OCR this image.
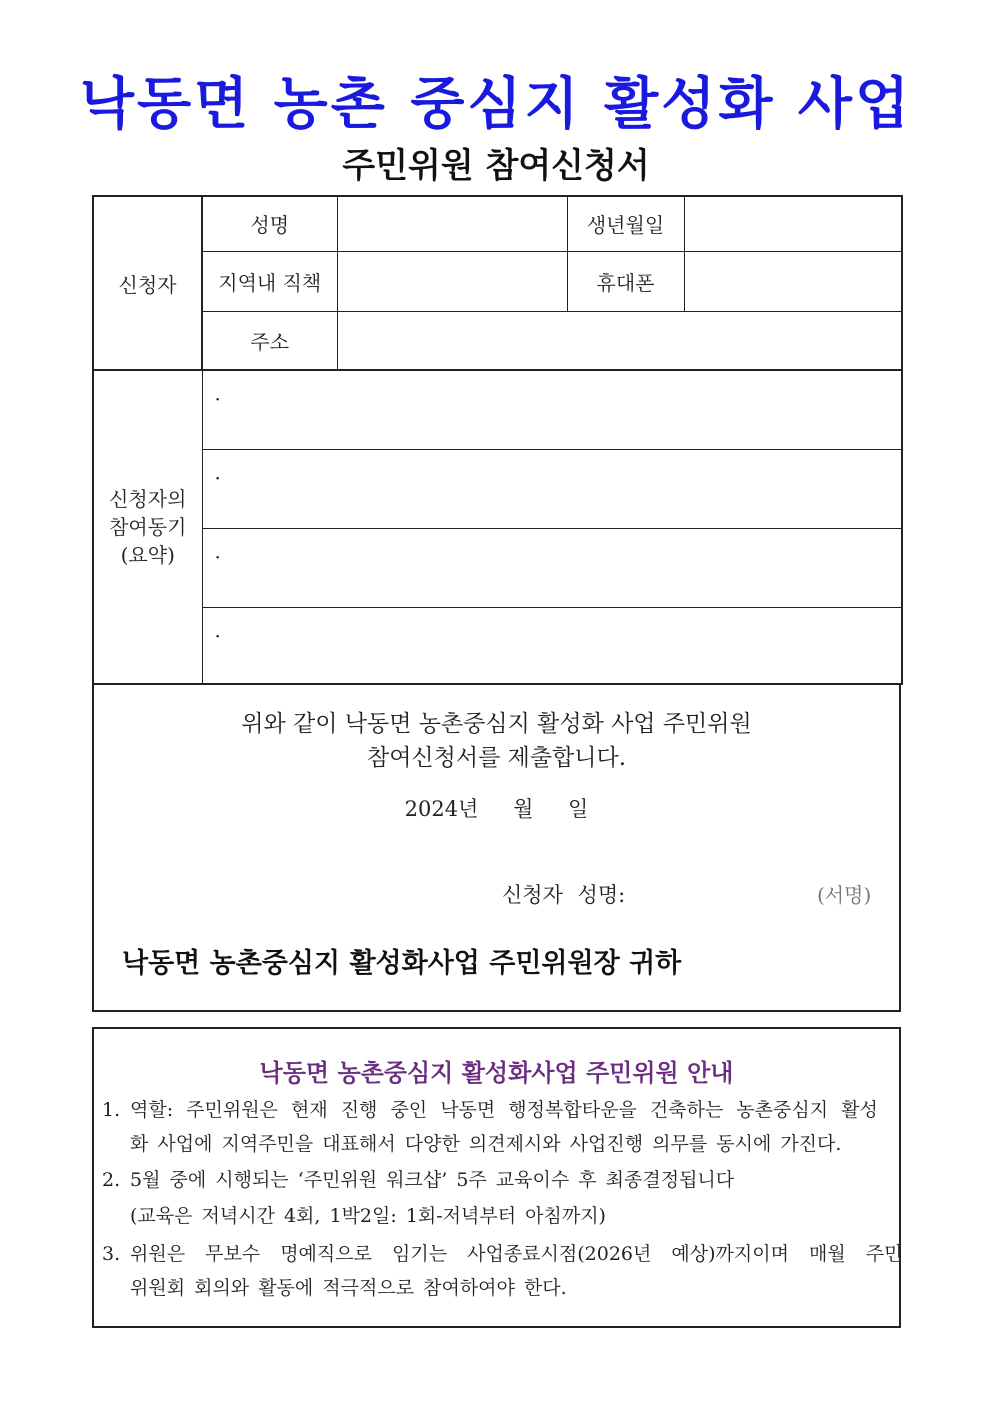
낙동면 농촌 중심지 활성화 사업
주민위원 참여신청서
신청자	성명		생년월일	
	지역내 직책		휴대폰	
	주소			

신청자의
참여동기
(요약)	·			
	·			
	·			
	·			
위와 같이 낙동면 농촌중심지 활성화 사업 주민위원
참여신청서를 제출합니다.
2024년 월 일
신청자 성명:	(서명)
낙동면 농촌중심지 활성화사업 주민위원장 귀하
낙동면 농촌중심지 활성화사업 주민위원 안내
1. 역할: 주민위원은 현재 진행 중인 낙동면 행정복합타운을 건축하는 농촌중심지 활성
화 사업에 지역주민을 대표해서 다양한 의견제시와 사업진행 의무를 동시에 가진다.
2. 5월 중에 시행되는 ‘주민위원 워크샵’ 5주 교육이수 후 최종결정됩니다
(교육은 저녁시간 4회, 1박2일: 1회-저녁부터 아침까지)
3. 위원은 무보수 명예직으로 임기는 사업종료시점(2026년 예상)까지이며 매월 주민
위원회 회의와 활동에 적극적으로 참여하여야 한다.
